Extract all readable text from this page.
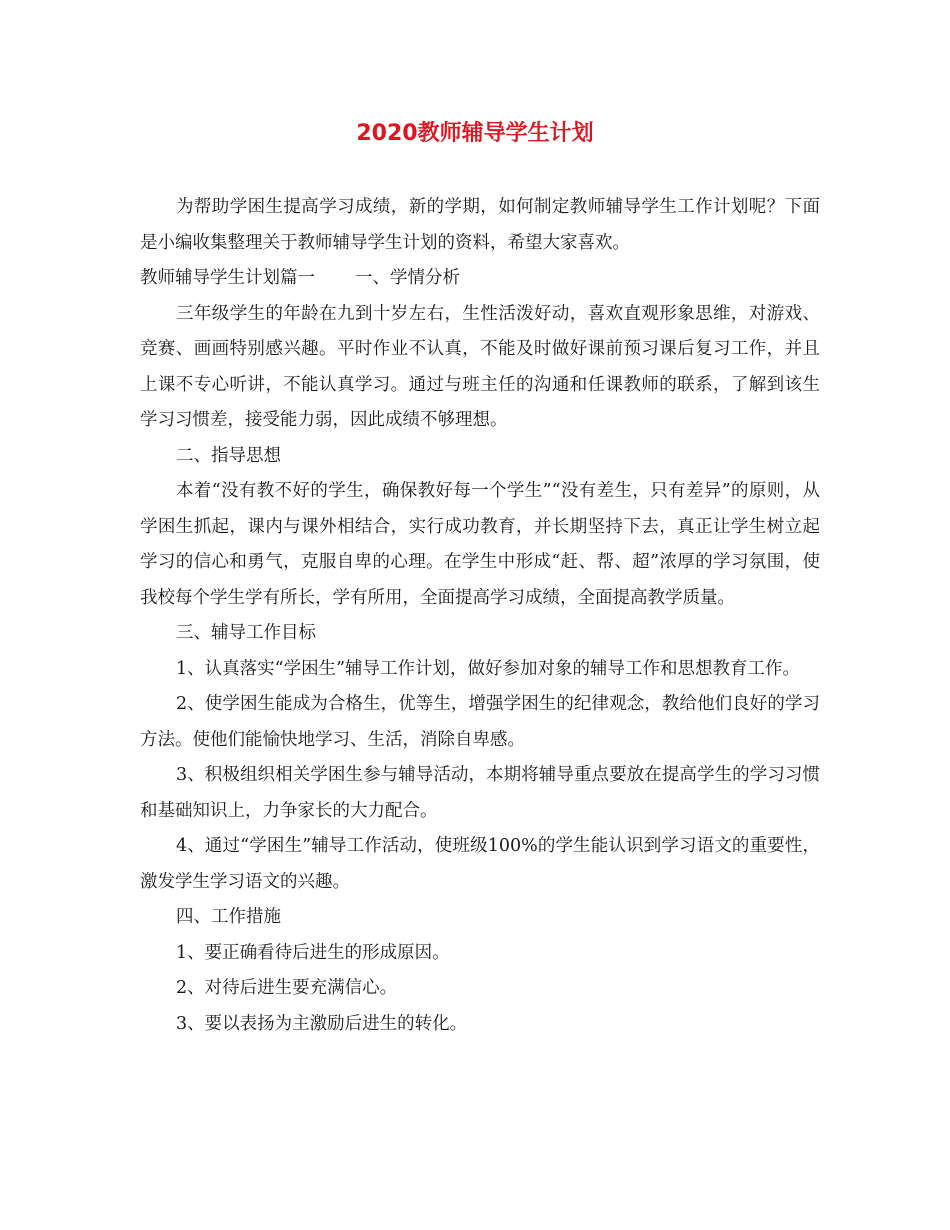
2020教师辅导学生计划

为帮助学困生提高学习成绩，新的学期，如何制定教师辅导学生工作计划呢？下面是小编收集整理关于教师辅导学生计划的资料，希望大家喜欢。

教师辅导学生计划篇一 一、学情分析

三年级学生的年龄在九到十岁左右，生性活泼好动，喜欢直观形象思维，对游戏、竞赛、画画特别感兴趣。平时作业不认真，不能及时做好课前预习课后复习工作，并且上课不专心听讲，不能认真学习。通过与班主任的沟通和任课教师的联系，了解到该生学习习惯差，接受能力弱，因此成绩不够理想。

二、指导思想

本着“没有教不好的学生，确保教好每一个学生”“没有差生，只有差异”的原则，从学困生抓起，课内与课外相结合，实行成功教育，并长期坚持下去，真正让学生树立起学习的信心和勇气，克服自卑的心理。在学生中形成“赶、帮、超”浓厚的学习氛围，使我校每个学生学有所长，学有所用，全面提高学习成绩，全面提高教学质量。

三、辅导工作目标

1、认真落实“学困生”辅导工作计划，做好参加对象的辅导工作和思想教育工作。

2、使学困生能成为合格生，优等生，增强学困生的纪律观念，教给他们良好的学习方法。使他们能愉快地学习、生活，消除自卑感。

3、积极组织相关学困生参与辅导活动，本期将辅导重点要放在提高学生的学习习惯和基础知识上，力争家长的大力配合。

4、通过“学困生”辅导工作活动，使班级100%的学生能认识到学习语文的重要性，激发学生学习语文的兴趣。

四、工作措施

1、要正确看待后进生的形成原因。

2、对待后进生要充满信心。

3、要以表扬为主激励后进生的转化。
